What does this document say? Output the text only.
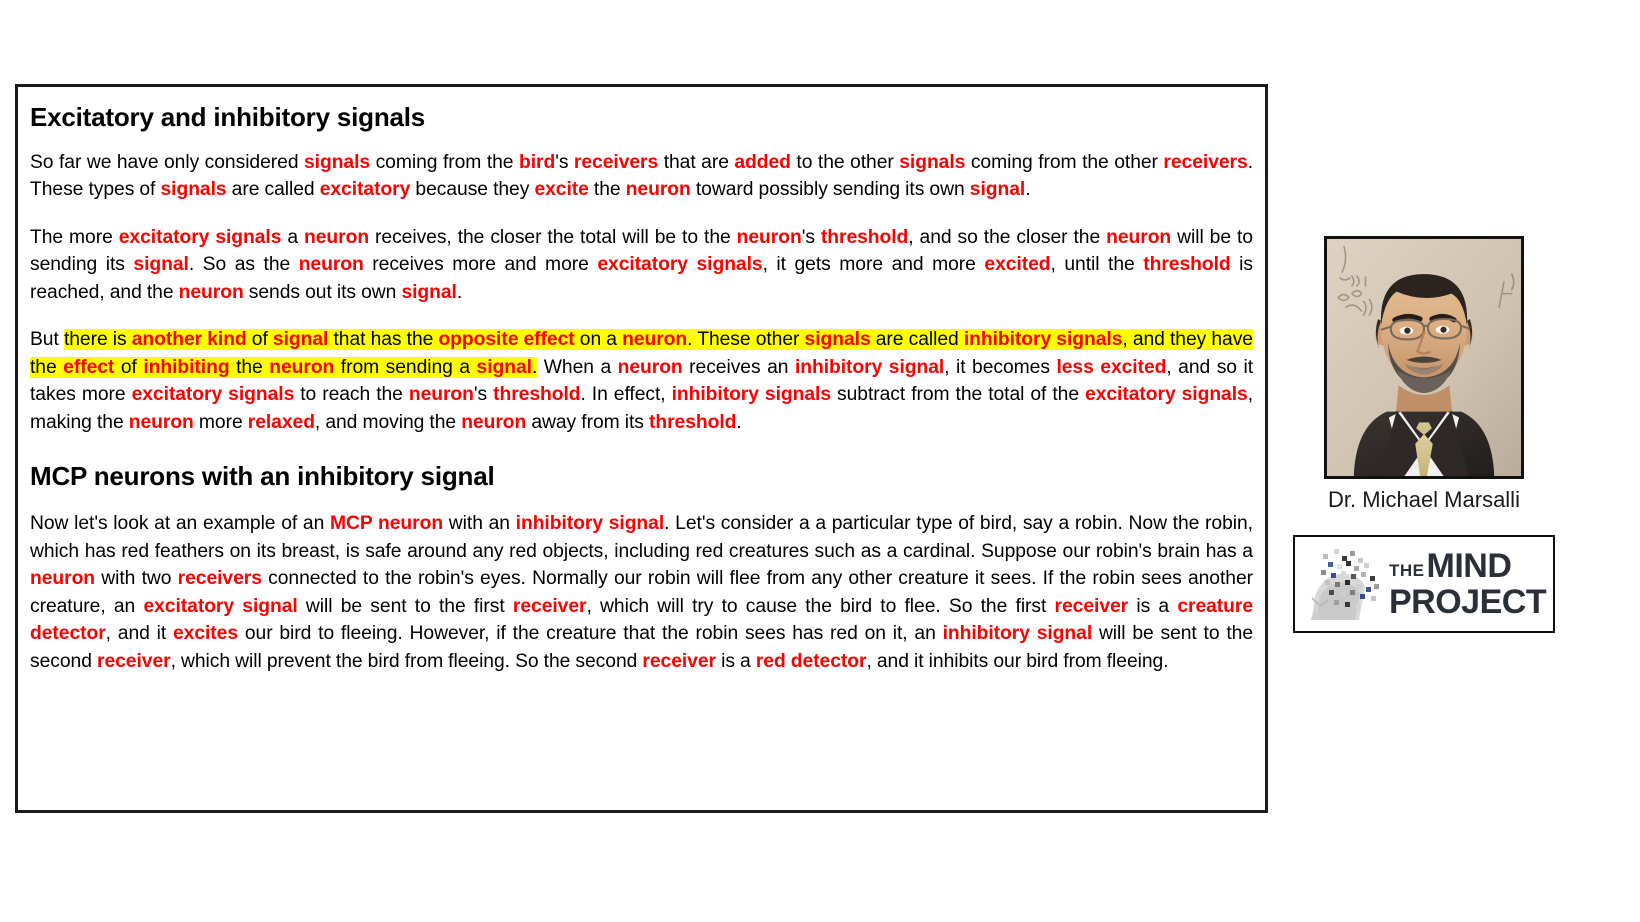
Excitatory and inhibitory signals

So far we have only considered signals coming from the bird's receivers that are added to the other signals coming from the other receivers. These types of signals are called excitatory because they excite the neuron toward possibly sending its own signal.

The more excitatory signals a neuron receives, the closer the total will be to the neuron's threshold, and so the closer the neuron will be to sending its signal. So as the neuron receives more and more excitatory signals, it gets more and more excited, until the threshold is reached, and the neuron sends out its own signal.

But there is another kind of signal that has the opposite effect on a neuron. These other signals are called inhibitory signals, and they have the effect of inhibiting the neuron from sending a signal. When a neuron receives an inhibitory signal, it becomes less excited, and so it takes more excitatory signals to reach the neuron's threshold. In effect, inhibitory signals subtract from the total of the excitatory signals, making the neuron more relaxed, and moving the neuron away from its threshold.

MCP neurons with an inhibitory signal

Now let's look at an example of an MCP neuron with an inhibitory signal. Let's consider a a particular type of bird, say a robin. Now the robin, which has red feathers on its breast, is safe around any red objects, including red creatures such as a cardinal. Suppose our robin's brain has a neuron with two receivers connected to the robin's eyes. Normally our robin will flee from any other creature it sees. If the robin sees another creature, an excitatory signal will be sent to the first receiver, which will try to cause the bird to flee. So the first receiver is a creature detector, and it excites our bird to fleeing. However, if the creature that the robin sees has red on it, an inhibitory signal will be sent to the second receiver, which will prevent the bird from fleeing. So the second receiver is a red detector, and it inhibits our bird from fleeing.

Dr. Michael Marsalli
THE MIND
PROJECT
